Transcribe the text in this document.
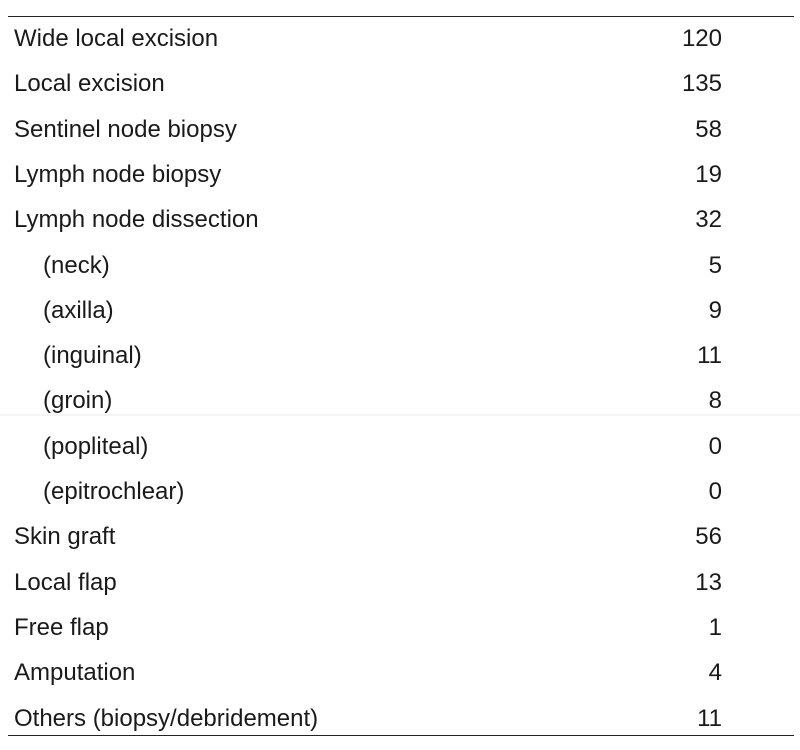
Wide local excision	120
Local excision	135
Sentinel node biopsy	58
Lymph node biopsy	19
Lymph node dissection	32
(neck)	5
(axilla)	9
(inguinal)	11
(groin)	8
(popliteal)	0
(epitrochlear)	0
Skin graft	56
Local flap	13
Free flap	1
Amputation	4
Others (biopsy/debridement)	11
